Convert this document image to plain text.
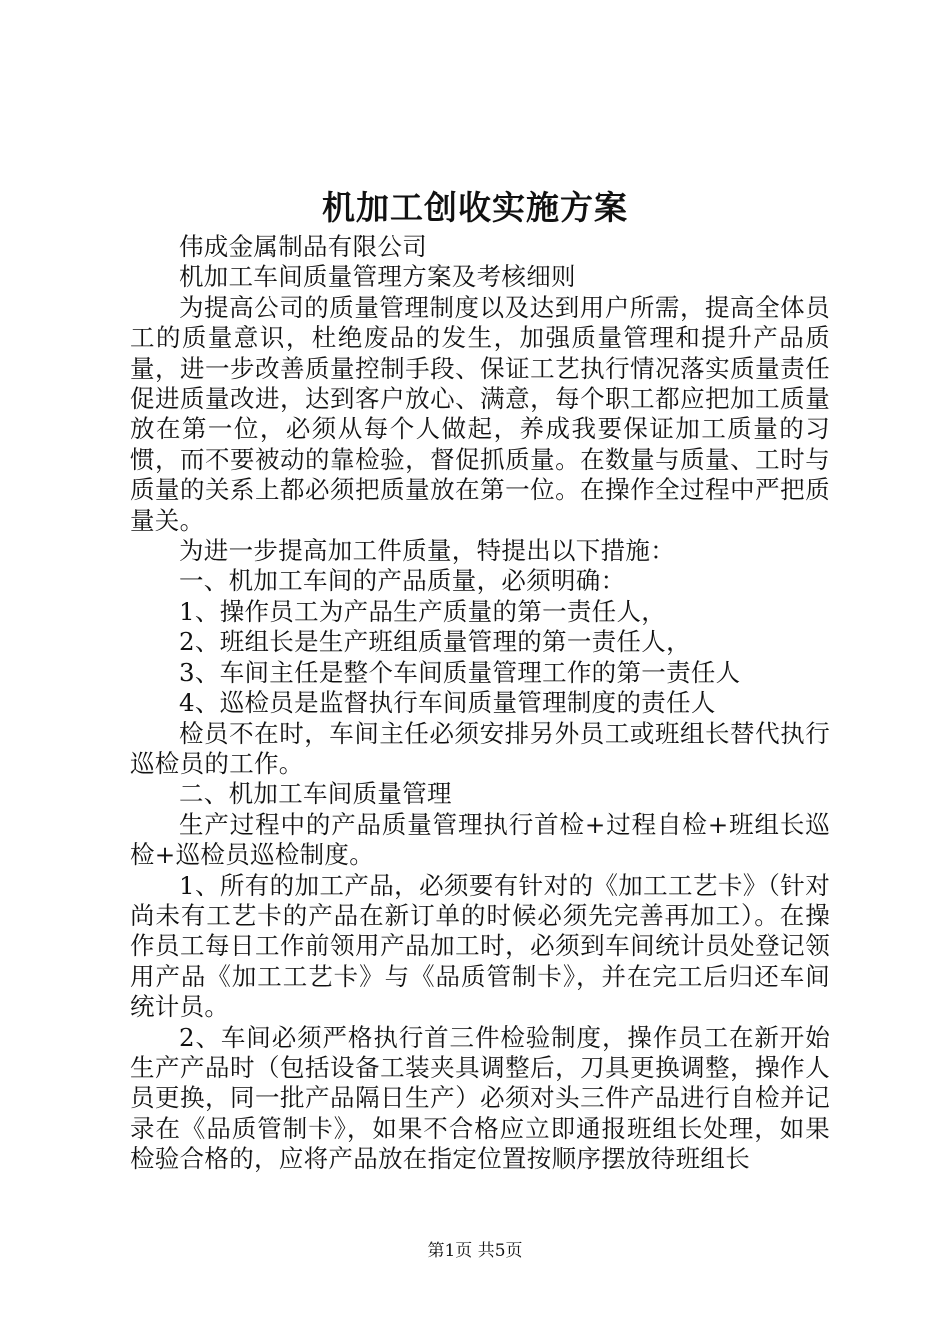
机加工创收实施方案

伟成金属制品有限公司

机加工车间质量管理方案及考核细则

为提高公司的质量管理制度以及达到用户所需，提高全体员工的质量意识，杜绝废品的发生，加强质量管理和提升产品质量，进一步改善质量控制手段、保证工艺执行情况落实质量责任促进质量改进，达到客户放心、满意，每个职工都应把加工质量放在第一位，必须从每个人做起，养成我要保证加工质量的习惯，而不要被动的靠检验，督促抓质量。在数量与质量、工时与质量的关系上都必须把质量放在第一位。在操作全过程中严把质量关。

为进一步提高加工件质量，特提出以下措施：

一、机加工车间的产品质量，必须明确：

1、操作员工为产品生产质量的第一责任人，

2、班组长是生产班组质量管理的第一责任人，

3、车间主任是整个车间质量管理工作的第一责任人

4、巡检员是监督执行车间质量管理制度的责任人

检员不在时，车间主任必须安排另外员工或班组长替代执行巡检员的工作。

二、机加工车间质量管理

生产过程中的产品质量管理执行首检+过程自检+班组长巡检+巡检员巡检制度。

1、所有的加工产品，必须要有针对的《加工工艺卡》（针对尚未有工艺卡的产品在新订单的时候必须先完善再加工）。在操作员工每日工作前领用产品加工时，必须到车间统计员处登记领用产品《加工工艺卡》与《品质管制卡》，并在完工后归还车间统计员。

2、车间必须严格执行首三件检验制度，操作员工在新开始生产产品时（包括设备工装夹具调整后，刀具更换调整，操作人员更换，同一批产品隔日生产）必须对头三件产品进行自检并记录在《品质管制卡》，如果不合格应立即通报班组长处理，如果检验合格的，应将产品放在指定位置按顺序摆放待班组长

第1页 共5页
